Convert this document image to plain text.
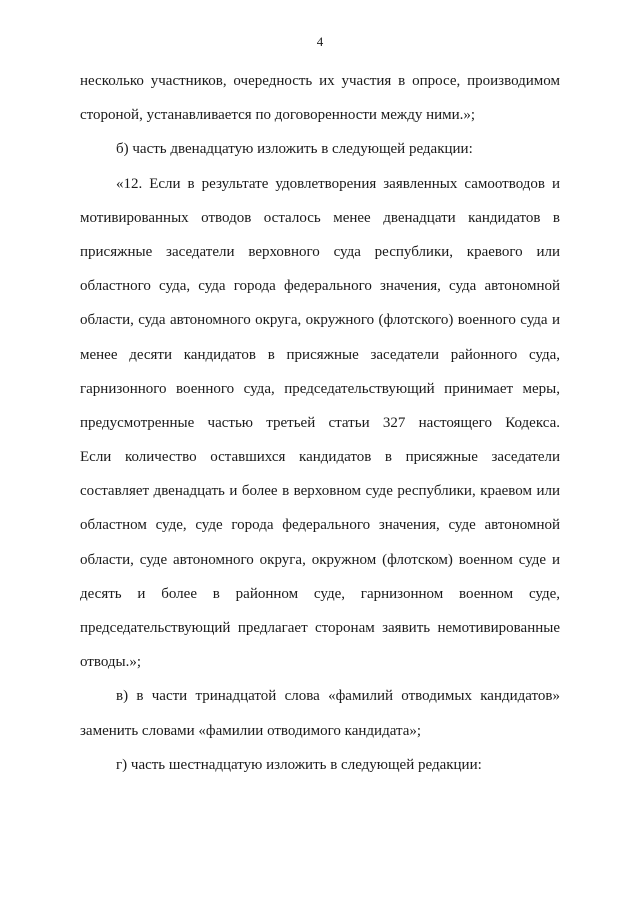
4
несколько участников, очередность их участия в опросе, производимом
стороной, устанавливается по договоренности между ними.»;
б) часть двенадцатую изложить в следующей редакции:
«12. Если в результате удовлетворения заявленных самоотводов и
мотивированных отводов осталось менее двенадцати кандидатов в
присяжные заседатели верховного суда республики, краевого или
областного суда, суда города федерального значения, суда автономной
области, суда автономного округа, окружного (флотского) военного суда и
менее десяти кандидатов в присяжные заседатели районного суда,
гарнизонного военного суда, председательствующий принимает меры,
предусмотренные частью третьей статьи 327 настоящего Кодекса.
Если количество оставшихся кандидатов в присяжные заседатели
составляет двенадцать и более в верховном суде республики, краевом или
областном суде, суде города федерального значения, суде автономной
области, суде автономного округа, окружном (флотском) военном суде и
десять и более в районном суде, гарнизонном военном суде,
председательствующий предлагает сторонам заявить немотивированные
отводы.»;
в) в части тринадцатой слова «фамилий отводимых кандидатов»
заменить словами «фамилии отводимого кандидата»;
г) часть шестнадцатую изложить в следующей редакции:
